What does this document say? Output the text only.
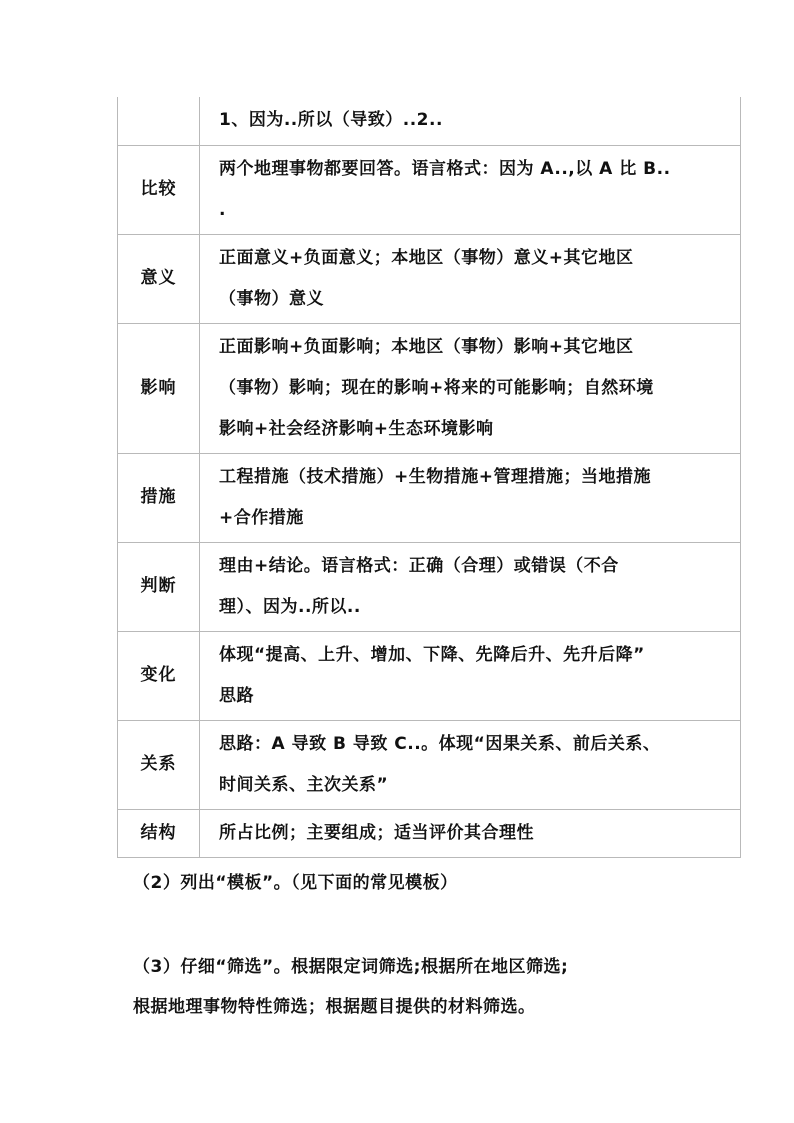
	1、因为..所以（导致）..2..

比较	两个地理事物都要回答。语言格式：因为 A..,以 A 比 B..
.

意义	正面意义+负面意义；本地区（事物）意义+其它地区
（事物）意义

影响	正面影响+负面影响；本地区（事物）影响+其它地区
（事物）影响；现在的影响+将来的可能影响；自然环境
影响+社会经济影响+生态环境影响

措施	工程措施（技术措施）+生物措施+管理措施；当地措施
+合作措施

判断	理由+结论。语言格式：正确（合理）或错误（不合
理）、因为..所以..

变化	体现“提高、上升、增加、下降、先降后升、先升后降”
思路

关系	思路：A 导致 B 导致 C..。体现“因果关系、前后关系、
时间关系、主次关系”

结构	所占比例；主要组成；适当评价其合理性
（2）列出“模板”。（见下面的常见模板）
（3）仔细“筛选”。根据限定词筛选;根据所在地区筛选;
根据地理事物特性筛选；根据题目提供的材料筛选。
